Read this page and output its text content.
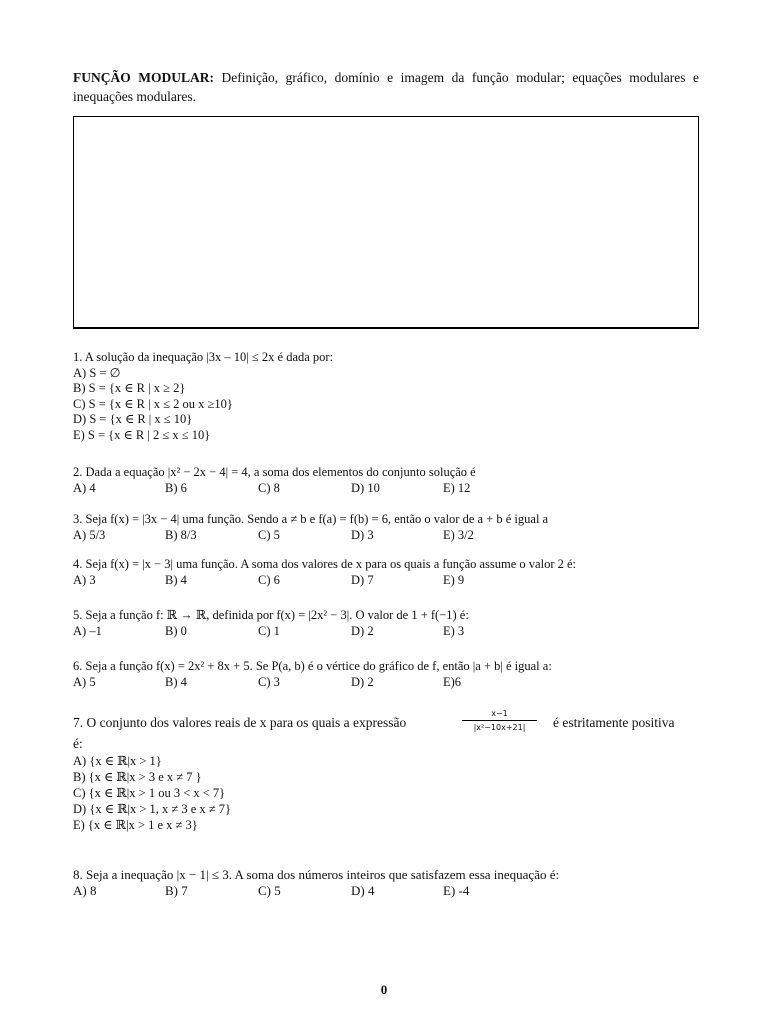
FUNÇÃO MODULAR: Definição, gráfico, domínio e imagem da função modular; equações modulares e inequações modulares.
1. A solução da inequação |3x – 10| ≤ 2x é dada por:
A) S = ∅
B) S = {x ∈ R | x ≥ 2}
C) S = {x ∈ R | x ≤ 2 ou x ≥10}
D) S = {x ∈ R | x ≤ 10}
E) S = {x ∈ R | 2 ≤ x ≤ 10}
2. Dada a equação |x² − 2x − 4| = 4, a soma dos elementos do conjunto solução é
A) 4	B) 6	C) 8	D) 10	E) 12
3. Seja f(x) = |3x − 4| uma função. Sendo a ≠ b e f(a) = f(b) = 6, então o valor de a + b é igual a
A) 5/3	B) 8/3	C) 5	D) 3	E) 3/2
4. Seja f(x) = |x − 3| uma função. A soma dos valores de x para os quais a função assume o valor 2 é:
A) 3	B) 4	C) 6	D) 7	E) 9
5. Seja a função f: ℝ → ℝ, definida por f(x) = |2x² − 3|. O valor de 1 + f(−1) é:
A) –1	B) 0	C) 1	D) 2	E) 3
6. Seja a função f(x) = 2x² + 8x + 5. Se P(a, b) é o vértice do gráfico de f, então |a + b| é igual a:
A) 5	B) 4	C) 3	D) 2	E)6
7. O conjunto dos valores reais de x para os quais a expressão	$\frac{x-1}{\text{|x²−10x+21|}}$ é estritamente positiva
é:
A) {x ∈ ℝ|x > 1}
B) {x ∈ ℝ|x > 3 e x ≠ 7 }
C) {x ∈ ℝ|x > 1 ou 3 < x < 7}
D) {x ∈ ℝ|x > 1, x ≠ 3 e x ≠ 7}
E) {x ∈ ℝ|x > 1 e x ≠ 3}
8. Seja a inequação |x − 1| ≤ 3. A soma dos números inteiros que satisfazem essa inequação é:
A) 8	B) 7	C) 5	D) 4	E) -4
0
